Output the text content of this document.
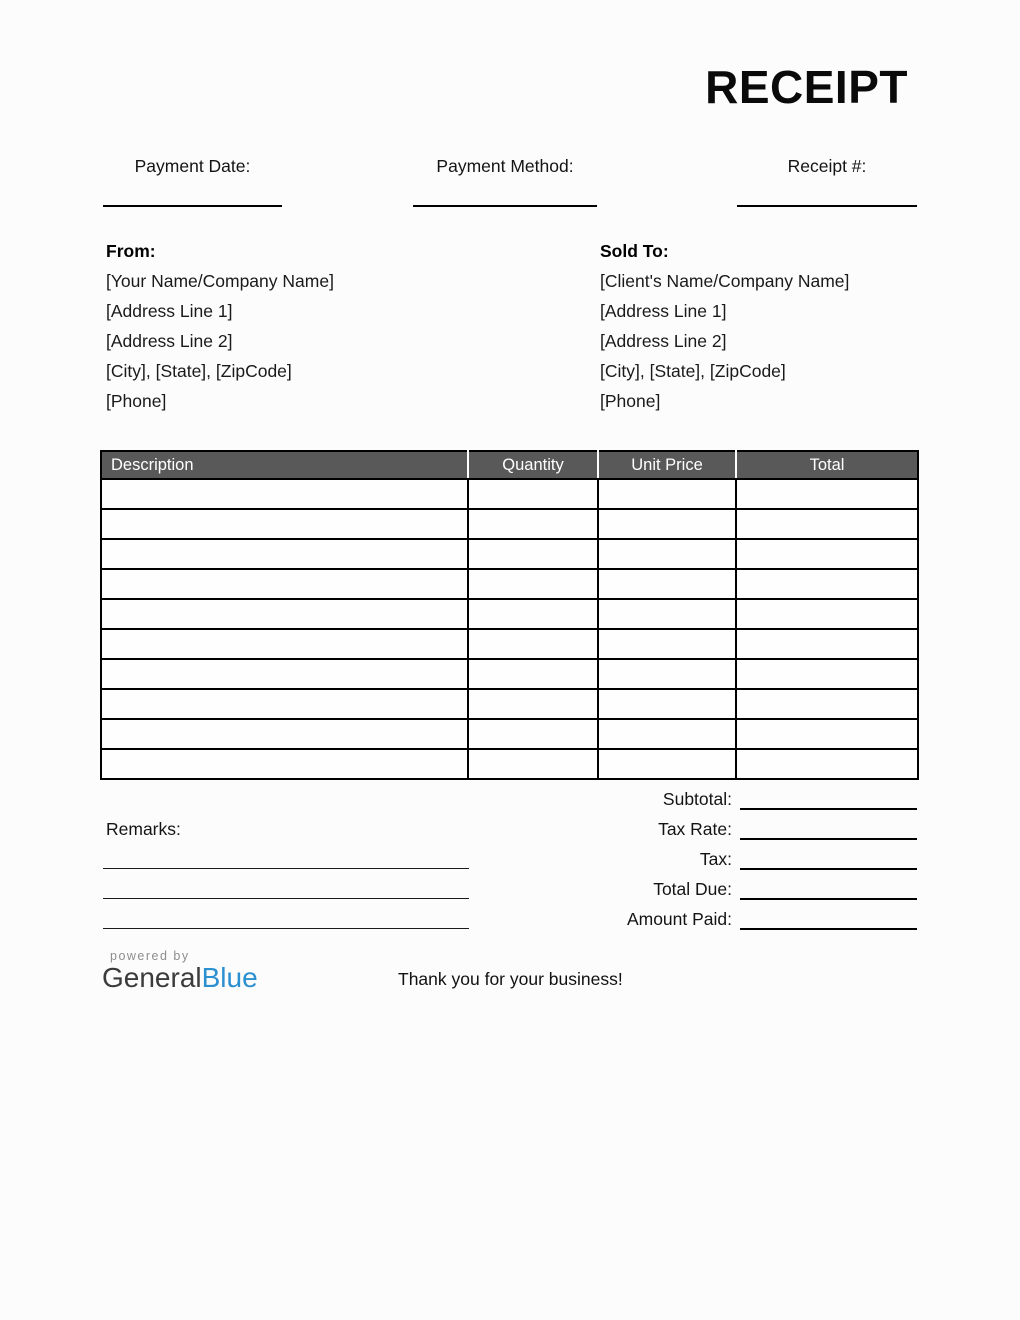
RECEIPT
Payment Date:	Payment Method:	Receipt #:
From:
[Your Name/Company Name]
[Address Line 1]
[Address Line 2]
[City], [State], [ZipCode]
[Phone]
Sold To:
[Client's Name/Company Name]
[Address Line 1]
[Address Line 2]
[City], [State], [ZipCode]
[Phone]
Description	Quantity	Unit Price	Total

Subtotal:
Tax Rate:
Tax:
Total Due:
Amount Paid:
Remarks:
powered by
GeneralBlue	Thank you for your business!
